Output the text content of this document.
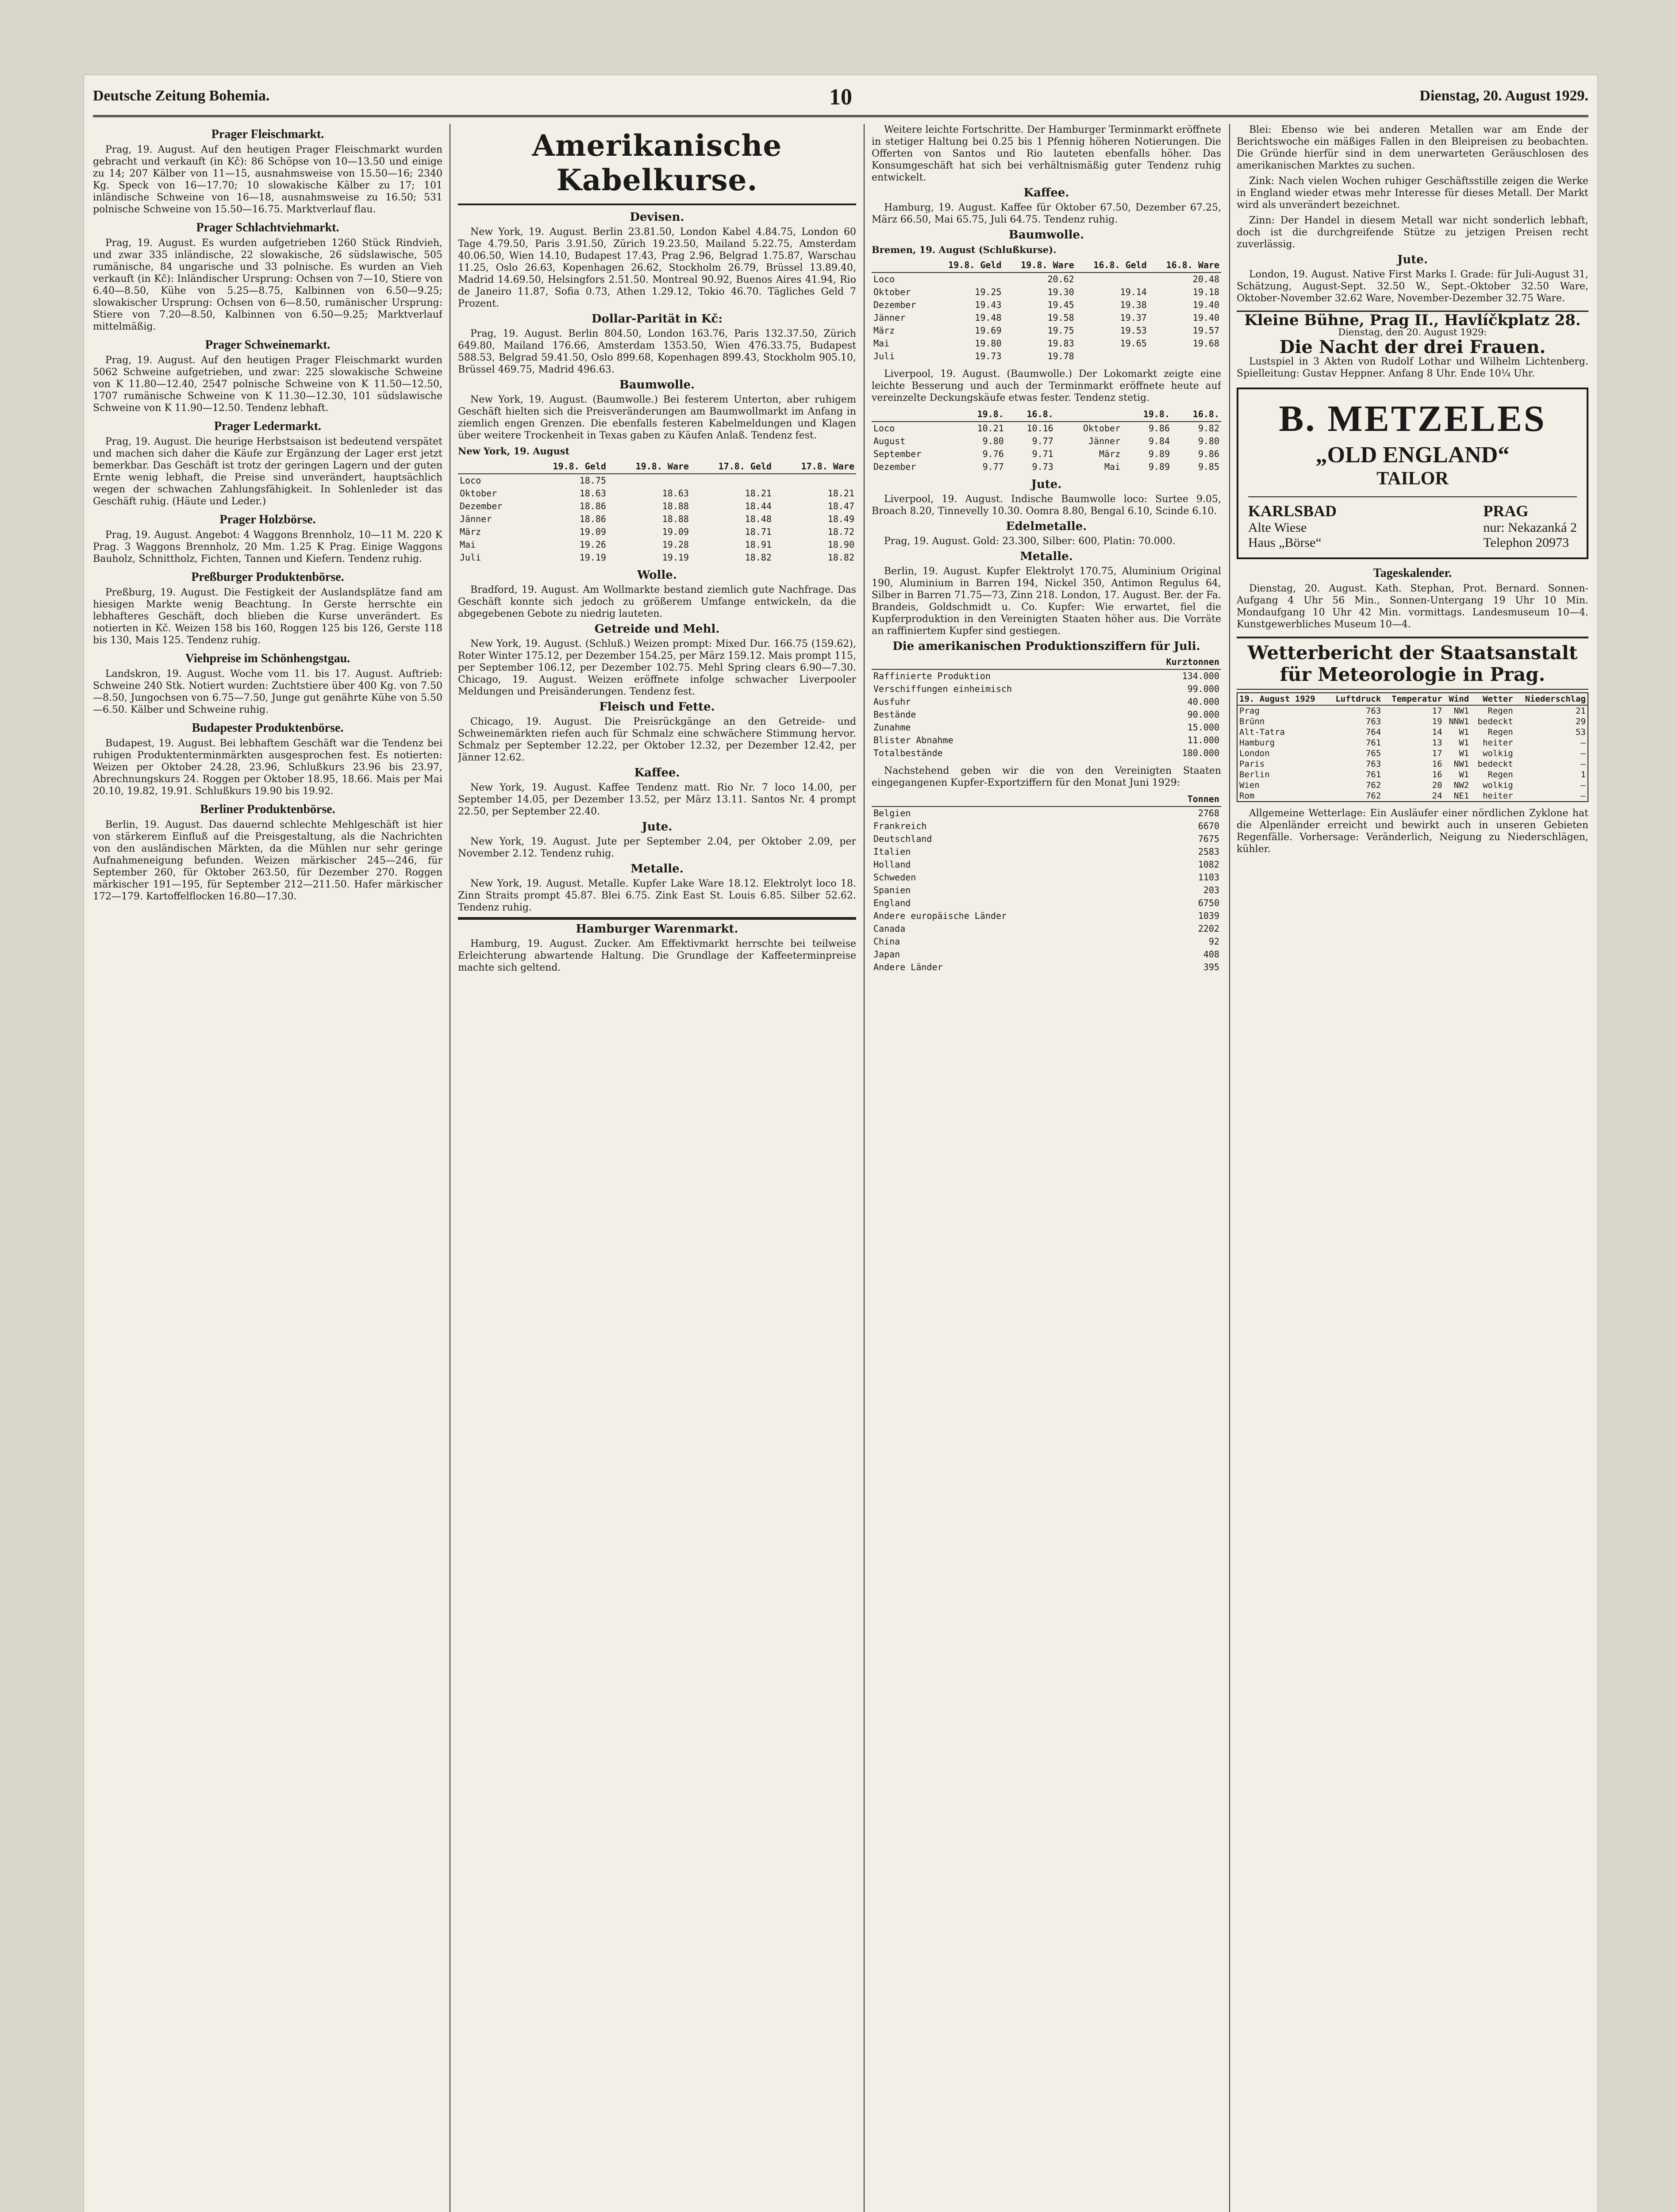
Deutsche Zeitung Bohemia.	10	Dienstag, 20. August 1929.
Prager Fleischmarkt.

Prag, 19. August. Auf den heutigen Prager Fleischmarkt wurden gebracht und verkauft (in Kč): 86 Schöpse von 10—13.50 und einige zu 14; 207 Kälber von 11—15, ausnahmsweise von 15.50—16; 2340 Kg. Speck von 16—17.70; 10 slowakische Kälber zu 17; 101 inländische Schweine von 16—18, ausnahmsweise zu 16.50; 531 polnische Schweine von 15.50—16.75. Marktverlauf flau.

Prager Schlachtviehmarkt.

Prag, 19. August. Es wurden aufgetrieben 1260 Stück Rindvieh, und zwar 335 inländische, 22 slowakische, 26 südslawische, 505 rumänische, 84 ungarische und 33 polnische. Es wurden an Vieh verkauft (in Kč): Inländischer Ursprung: Ochsen von 7—10, Stiere von 6.40—8.50, Kühe von 5.25—8.75, Kalbinnen von 6.50—9.25; slowakischer Ursprung: Ochsen von 6—8.50, rumänischer Ursprung: Stiere von 7.20—8.50, Kalbinnen von 6.50—9.25; Marktverlauf mittelmäßig.

Prager Schweinemarkt.

Prag, 19. August. Auf den heutigen Prager Fleischmarkt wurden 5062 Schweine aufgetrieben, und zwar: 225 slowakische Schweine von K 11.80—12.40, 2547 polnische Schweine von K 11.50—12.50, 1707 rumänische Schweine von K 11.30—12.30, 101 südslawische Schweine von K 11.90—12.50. Tendenz lebhaft.

Prager Ledermarkt.

Prag, 19. August. Die heurige Herbstsaison ist bedeutend verspätet und machen sich daher die Käufe zur Ergänzung der Lager erst jetzt bemerkbar. Das Geschäft ist trotz der geringen Lagern und der guten Ernte wenig lebhaft, die Preise sind unverändert, hauptsächlich wegen der schwachen Zahlungsfähigkeit. In Sohlenleder ist das Geschäft ruhig. (Häute und Leder.)

Prager Holzbörse.

Prag, 19. August. Angebot: 4 Waggons Brennholz, 10—11 M. 220 K Prag. 3 Waggons Brennholz, 20 Mm. 1.25 K Prag. Einige Waggons Bauholz, Schnittholz, Fichten, Tannen und Kiefern. Tendenz ruhig.

Preßburger Produktenbörse.

Preßburg, 19. August. Die Festigkeit der Auslandsplätze fand am hiesigen Markte wenig Beachtung. In Gerste herrschte ein lebhafteres Geschäft, doch blieben die Kurse unverändert. Es notierten in Kč. Weizen 158 bis 160, Roggen 125 bis 126, Gerste 118 bis 130, Mais 125. Tendenz ruhig.

Viehpreise im Schönhengstgau.

Landskron, 19. August. Woche vom 11. bis 17. August. Auftrieb: Schweine 240 Stk. Notiert wurden: Zuchtstiere über 400 Kg. von 7.50—8.50, Jungochsen von 6.75—7.50, Junge gut genährte Kühe von 5.50—6.50. Kälber und Schweine ruhig.

Budapester Produktenbörse.

Budapest, 19. August. Bei lebhaftem Geschäft war die Tendenz bei ruhigen Produktenterminmärkten ausgesprochen fest. Es notierten: Weizen per Oktober 24.28, 23.96, Schlußkurs 23.96 bis 23.97, Abrechnungskurs 24. Roggen per Oktober 18.95, 18.66. Mais per Mai 20.10, 19.82, 19.91. Schlußkurs 19.90 bis 19.92.

Berliner Produktenbörse.

Berlin, 19. August. Das dauernd schlechte Mehlgeschäft ist hier von stärkerem Einfluß auf die Preisgestaltung, als die Nachrichten von den ausländischen Märkten, da die Mühlen nur sehr geringe Aufnahmeneigung befunden. Weizen märkischer 245—246, für September 260, für Oktober 263.50, für Dezember 270. Roggen märkischer 191—195, für September 212—211.50. Hafer märkischer 172—179. Kartoffelflocken 16.80—17.30.

Amerikanische Kabelkurse.
Devisen.

New York, 19. August. Berlin 23.81.50, London Kabel 4.84.75, London 60 Tage 4.79.50, Paris 3.91.50, Zürich 19.23.50, Mailand 5.22.75, Amsterdam 40.06.50, Wien 14.10, Budapest 17.43, Prag 2.96, Belgrad 1.75.87, Warschau 11.25, Oslo 26.63, Kopenhagen 26.62, Stockholm 26.79, Brüssel 13.89.40, Madrid 14.69.50, Helsingfors 2.51.50. Montreal 90.92, Buenos Aires 41.94, Rio de Janeiro 11.87, Sofia 0.73, Athen 1.29.12, Tokio 46.70. Tägliches Geld 7 Prozent.

Dollar-Parität in Kč:

Prag, 19. August. Berlin 804.50, London 163.76, Paris 132.37.50, Zürich 649.80, Mailand 176.66, Amsterdam 1353.50, Wien 476.33.75, Budapest 588.53, Belgrad 59.41.50, Oslo 899.68, Kopenhagen 899.43, Stockholm 905.10, Brüssel 469.75, Madrid 496.63.

Baumwolle.

New York, 19. August. (Baumwolle.) Bei festerem Unterton, aber ruhigem Geschäft hielten sich die Preisveränderungen am Baumwollmarkt im Anfang in ziemlich engen Grenzen. Die ebenfalls festeren Kabelmeldungen und Klagen über weitere Trockenheit in Texas gaben zu Käufen Anlaß. Tendenz fest.

New York, 19. August
	19.8. Geld	19.8. Ware	17.8. Geld	17.8. Ware
Loco	18.75			
Oktober	18.63	18.63	18.21	18.21
Dezember	18.86	18.88	18.44	18.47
Jänner	18.86	18.88	18.48	18.49
März	19.09	19.09	18.71	18.72
Mai	19.26	19.28	18.91	18.90
Juli	19.19	19.19	18.82	18.82
Wolle.

Bradford, 19. August. Am Wollmarkte bestand ziemlich gute Nachfrage. Das Geschäft konnte sich jedoch zu größerem Umfange entwickeln, da die abgegebenen Gebote zu niedrig lauteten.

Getreide und Mehl.

New York, 19. August. (Schluß.) Weizen prompt: Mixed Dur. 166.75 (159.62), Roter Winter 175.12, per Dezember 154.25, per März 159.12. Mais prompt 115, per September 106.12, per Dezember 102.75. Mehl Spring clears 6.90—7.30. Chicago, 19. August. Weizen eröffnete infolge schwacher Liverpooler Meldungen und Preisänderungen. Tendenz fest.

Fleisch und Fette.

Chicago, 19. August. Die Preisrückgänge an den Getreide- und Schweinemärkten riefen auch für Schmalz eine schwächere Stimmung hervor. Schmalz per September 12.22, per Oktober 12.32, per Dezember 12.42, per Jänner 12.62.

Kaffee.

New York, 19. August. Kaffee Tendenz matt. Rio Nr. 7 loco 14.00, per September 14.05, per Dezember 13.52, per März 13.11. Santos Nr. 4 prompt 22.50, per September 22.40.

Jute.

New York, 19. August. Jute per September 2.04, per Oktober 2.09, per November 2.12. Tendenz ruhig.

Metalle.

New York, 19. August. Metalle. Kupfer Lake Ware 18.12. Elektrolyt loco 18. Zinn Straits prompt 45.87. Blei 6.75. Zink East St. Louis 6.85. Silber 52.62. Tendenz ruhig.

Hamburger Warenmarkt.

Hamburg, 19. August. Zucker. Am Effektivmarkt herrschte bei teilweise Erleichterung abwartende Haltung. Die Grundlage der Kaffeeterminpreise machte sich geltend.

Weitere leichte Fortschritte. Der Hamburger Terminmarkt eröffnete in stetiger Haltung bei 0.25 bis 1 Pfennig höheren Notierungen. Die Offerten von Santos und Rio lauteten ebenfalls höher. Das Konsumgeschäft hat sich bei verhältnismäßig guter Tendenz ruhig entwickelt.

Kaffee.

Hamburg, 19. August. Kaffee für Oktober 67.50, Dezember 67.25, März 66.50, Mai 65.75, Juli 64.75. Tendenz ruhig.

Baumwolle.
Bremen, 19. August (Schlußkurse).
	19.8. Geld	19.8. Ware	16.8. Geld	16.8. Ware
Loco		20.62		20.48
Oktober	19.25	19.30	19.14	19.18
Dezember	19.43	19.45	19.38	19.40
Jänner	19.48	19.58	19.37	19.40
März	19.69	19.75	19.53	19.57
Mai	19.80	19.83	19.65	19.68
Juli	19.73	19.78		

Liverpool, 19. August. (Baumwolle.) Der Lokomarkt zeigte eine leichte Besserung und auch der Terminmarkt eröffnete heute auf vereinzelte Deckungskäufe etwas fester. Tendenz stetig.

	19.8.	16.8.		19.8.	16.8.
Loco	10.21	10.16	Oktober	9.86	9.82
August	9.80	9.77	Jänner	9.84	9.80
September	9.76	9.71	März	9.89	9.86
Dezember	9.77	9.73	Mai	9.89	9.85
Jute.

Liverpool, 19. August. Indische Baumwolle loco: Surtee 9.05, Broach 8.20, Tinnevelly 10.30. Oomra 8.80, Bengal 6.10, Scinde 6.10.

Edelmetalle.

Prag, 19. August. Gold: 23.300, Silber: 600, Platin: 70.000.

Metalle.

Berlin, 19. August. Kupfer Elektrolyt 170.75, Aluminium Original 190, Aluminium in Barren 194, Nickel 350, Antimon Regulus 64, Silber in Barren 71.75—73, Zinn 218. London, 17. August. Ber. der Fa. Brandeis, Goldschmidt u. Co. Kupfer: Wie erwartet, fiel die Kupferproduktion in den Vereinigten Staaten höher aus. Die Vorräte an raffiniertem Kupfer sind gestiegen.

Die amerikanischen Produktionsziffern für Juli.
	Kurztonnen
Raffinierte Produktion	134.000
Verschiffungen einheimisch	99.000
Ausfuhr	40.000
Bestände	90.000
Zunahme	15.000
Blister Abnahme	11.000
Totalbestände	180.000

Nachstehend geben wir die von den Vereinigten Staaten eingegangenen Kupfer-Exportziffern für den Monat Juni 1929:

	Tonnen
Belgien	2768
Frankreich	6670
Deutschland	7675
Italien	2583
Holland	1082
Schweden	1103
Spanien	203
England	6750
Andere europäische Länder	1039
Canada	2202
China	92
Japan	408
Andere Länder	395

Blei: Ebenso wie bei anderen Metallen war am Ende der Berichtswoche ein mäßiges Fallen in den Bleipreisen zu beobachten. Die Gründe hierfür sind in dem unerwarteten Geräuschlosen des amerikanischen Marktes zu suchen.

Zink: Nach vielen Wochen ruhiger Geschäftsstille zeigen die Werke in England wieder etwas mehr Interesse für dieses Metall. Der Markt wird als unverändert bezeichnet.

Zinn: Der Handel in diesem Metall war nicht sonderlich lebhaft, doch ist die durchgreifende Stütze zu jetzigen Preisen recht zuverlässig.

Jute.

London, 19. August. Native First Marks I. Grade: für Juli-August 31, Schätzung, August-Sept. 32.50 W., Sept.-Oktober 32.50 Ware, Oktober-November 32.62 Ware, November-Dezember 32.75 Ware.

Kleine Bühne, Prag II., Havlíčkplatz 28.
Dienstag, den 20. August 1929:
Die Nacht der drei Frauen.

Lustspiel in 3 Akten von Rudolf Lothar und Wilhelm Lichtenberg. Spielleitung: Gustav Heppner. Anfang 8 Uhr. Ende 10¼ Uhr.

B. METZELES
„OLD ENGLAND“
TAILOR
KARLSBAD
Alte Wiese
Haus „Börse“
PRAG
nur: Nekazanká 2
Telephon 20973
Tageskalender.

Dienstag, 20. August. Kath. Stephan, Prot. Bernard. Sonnen-Aufgang 4 Uhr 56 Min., Sonnen-Untergang 19 Uhr 10 Min. Mondaufgang 10 Uhr 42 Min. vormittags. Landesmuseum 10—4. Kunstgewerbliches Museum 10—4.

Wetterbericht der Staatsanstalt für Meteorologie in Prag.
19. August 1929	Luftdruck	Temperatur	Wind	Wetter	Niederschlag
Prag	763	17	NW1	Regen	21
Brünn	763	19	NNW1	bedeckt	29
Alt-Tatra	764	14	W1	Regen	53
Hamburg	761	13	W1	heiter	—
London	765	17	W1	wolkig	—
Paris	763	16	NW1	bedeckt	—
Berlin	761	16	W1	Regen	1
Wien	762	20	NW2	wolkig	—
Rom	762	24	NE1	heiter	—

Allgemeine Wetterlage: Ein Ausläufer einer nördlichen Zyklone hat die Alpenländer erreicht und bewirkt auch in unseren Gebieten Regenfälle. Vorhersage: Veränderlich, Neigung zu Niederschlägen, kühler.
